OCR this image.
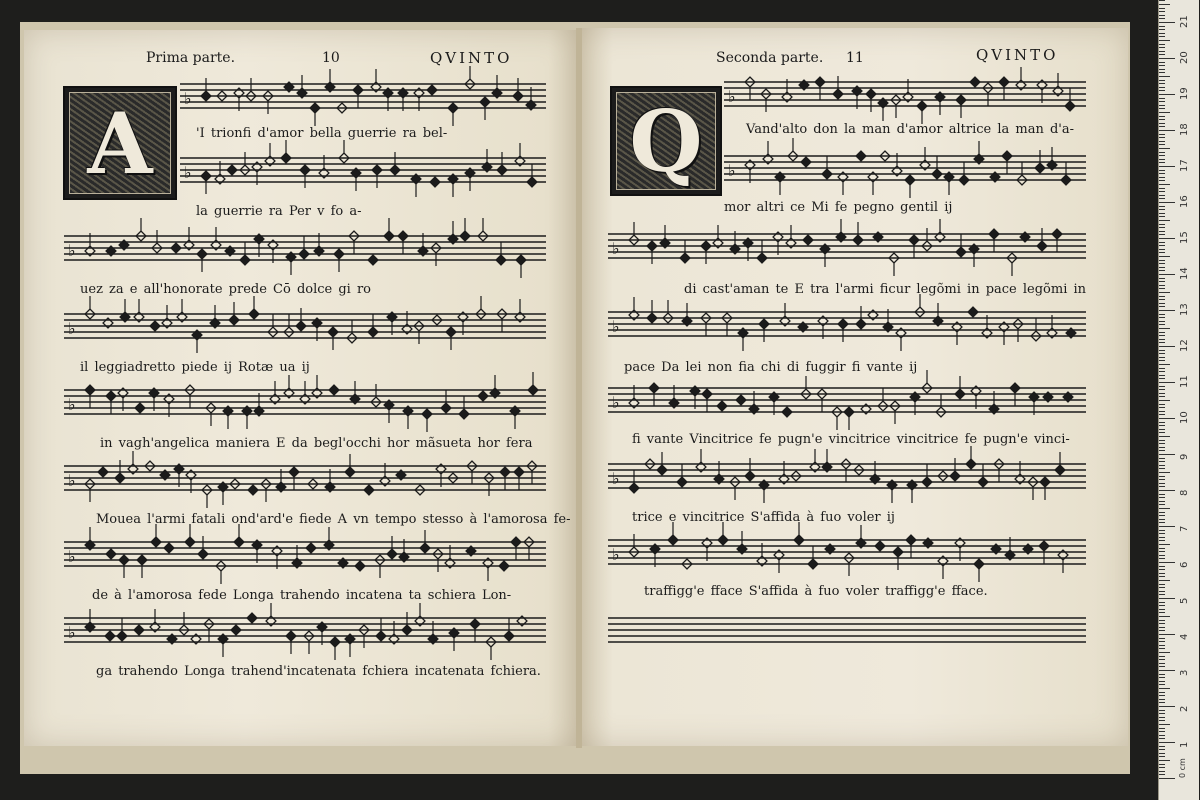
Prima parte.	10	QVINTO	Seconda parte. 11	QVINTO
A	Q
♭
♭
♭
♭
♭
♭
♭
♭
'I trionfi d'amor bella guerrie ra bel-
la guerrie ra Per v fo a-
uez za e all'honorate prede Cō dolce gi ro
il leggiadretto piede ij Rotæ ua ij
in vagh'angelica maniera E da begl'occhi hor mãsueta hor fera
Mouea l'armi fatali ond'ard'e fiede A vn tempo stesso à l'amorosa fe-
de à l'amorosa fede Longa trahendo incatena ta schiera Lon-
ga trahendo Longa trahend'incatenata fchiera incatenata fchiera.
♭
♭
♭
♭
♭
♭
♭
Vand'alto don la man d'amor altrice la man d'a-
mor altri ce Mi fe pegno gentil ij
di cast'aman te E tra l'armi ficur legõmi in pace legõmi in
pace Da lei non fia chi di fuggir fi vante ij
fi vante Vincitrice fe pugn'e vincitrice vincitrice fe pugn'e vinci-
trice e vincitrice S'affida à fuo voler ij
traffigg'e fface S'affida à fuo voler traffigg'e fface.
1
2
3
4
5
6
7
8
9
10
11
12
13
14
15
16
17
18
19
20
21
0 cm
